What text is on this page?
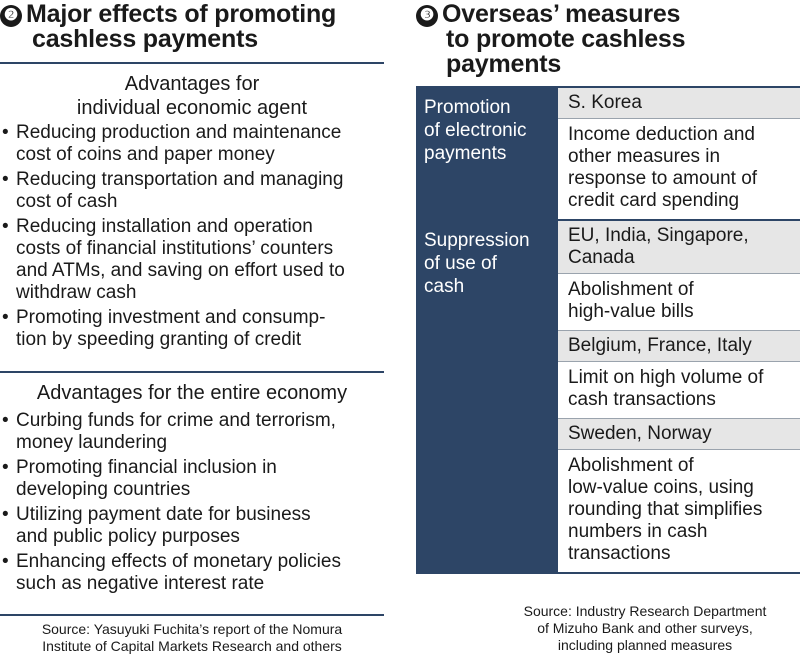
❷ Major effects of promoting
cashless payments
Advantages for
individual economic agent
• Reducing production and maintenance
cost of coins and paper money
• Reducing transportation and managing
cost of cash
• Reducing installation and operation
costs of financial institutions’ counters
and ATMs, and saving on effort used to
withdraw cash
• Promoting investment and consump-
tion by speeding granting of credit
Advantages for the entire economy
• Curbing funds for crime and terrorism,
money laundering
• Promoting financial inclusion in
developing countries
• Utilizing payment date for business
and public policy purposes
• Enhancing effects of monetary policies
such as negative interest rate
Source: Yasuyuki Fuchita’s report of the Nomura
Institute of Capital Markets Research and others
❸ Overseas’ measures
to promote cashless
payments
Promotion
of electronic
payments
S. Korea
Income deduction and
other measures in
response to amount of
credit card spending
Suppression
of use of
cash
EU, India, Singapore,
Canada
Abolishment of
high-value bills
Belgium, France, Italy
Limit on high volume of
cash transactions
Sweden, Norway
Abolishment of
low-value coins, using
rounding that simplifies
numbers in cash
transactions
Source: Industry Research Department
of Mizuho Bank and other surveys,
including planned measures
